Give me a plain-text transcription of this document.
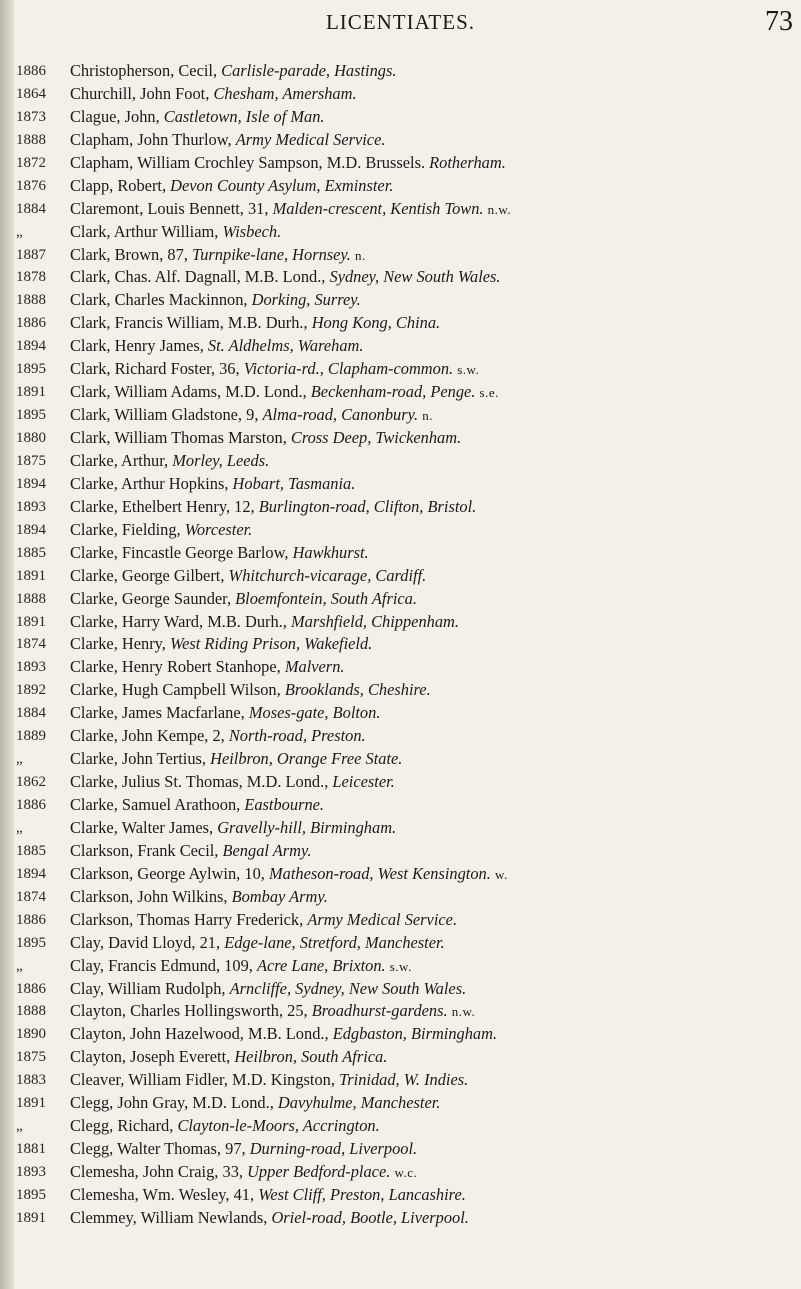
LICENTIATES.	73
1886
1864
1873
1888
1872
1876
1884
„
1887
1878
1888
1886
1894
1895
1891
1895
1880
1875
1894
1893
1894
1885
1891
1888
1891
1874
1893
1892
1884
1889
„
1862
1886
„
1885
1894
1874
1886
1895
„
1886
1888
1890
1875
1883
1891
„
1881
1893
1895
1891
Christopherson, Cecil, Carlisle-parade, Hastings.
Churchill, John Foot, Chesham, Amersham.
Clague, John, Castletown, Isle of Man.
Clapham, John Thurlow, Army Medical Service.
Clapham, William Crochley Sampson, M.D. Brussels. Rotherham.
Clapp, Robert, Devon County Asylum, Exminster.
Claremont, Louis Bennett, 31, Malden-crescent, Kentish Town. n.w.
Clark, Arthur William, Wisbech.
Clark, Brown, 87, Turnpike-lane, Hornsey. n.
Clark, Chas. Alf. Dagnall, M.B. Lond., Sydney, New South Wales.
Clark, Charles Mackinnon, Dorking, Surrey.
Clark, Francis William, M.B. Durh., Hong Kong, China.
Clark, Henry James, St. Aldhelms, Wareham.
Clark, Richard Foster, 36, Victoria-rd., Clapham-common. s.w.
Clark, William Adams, M.D. Lond., Beckenham-road, Penge. s.e.
Clark, William Gladstone, 9, Alma-road, Canonbury. n.
Clark, William Thomas Marston, Cross Deep, Twickenham.
Clarke, Arthur, Morley, Leeds.
Clarke, Arthur Hopkins, Hobart, Tasmania.
Clarke, Ethelbert Henry, 12, Burlington-road, Clifton, Bristol.
Clarke, Fielding, Worcester.
Clarke, Fincastle George Barlow, Hawkhurst.
Clarke, George Gilbert, Whitchurch-vicarage, Cardiff.
Clarke, George Saunder, Bloemfontein, South Africa.
Clarke, Harry Ward, M.B. Durh., Marshfield, Chippenham.
Clarke, Henry, West Riding Prison, Wakefield.
Clarke, Henry Robert Stanhope, Malvern.
Clarke, Hugh Campbell Wilson, Brooklands, Cheshire.
Clarke, James Macfarlane, Moses-gate, Bolton.
Clarke, John Kempe, 2, North-road, Preston.
Clarke, John Tertius, Heilbron, Orange Free State.
Clarke, Julius St. Thomas, M.D. Lond., Leicester.
Clarke, Samuel Arathoon, Eastbourne.
Clarke, Walter James, Gravelly-hill, Birmingham.
Clarkson, Frank Cecil, Bengal Army.
Clarkson, George Aylwin, 10, Matheson-road, West Kensington. w.
Clarkson, John Wilkins, Bombay Army.
Clarkson, Thomas Harry Frederick, Army Medical Service.
Clay, David Lloyd, 21, Edge-lane, Stretford, Manchester.
Clay, Francis Edmund, 109, Acre Lane, Brixton. s.w.
Clay, William Rudolph, Arncliffe, Sydney, New South Wales.
Clayton, Charles Hollingsworth, 25, Broadhurst-gardens. n.w.
Clayton, John Hazelwood, M.B. Lond., Edgbaston, Birmingham.
Clayton, Joseph Everett, Heilbron, South Africa.
Cleaver, William Fidler, M.D. Kingston, Trinidad, W. Indies.
Clegg, John Gray, M.D. Lond., Davyhulme, Manchester.
Clegg, Richard, Clayton-le-Moors, Accrington.
Clegg, Walter Thomas, 97, Durning-road, Liverpool.
Clemesha, John Craig, 33, Upper Bedford-place. w.c.
Clemesha, Wm. Wesley, 41, West Cliff, Preston, Lancashire.
Clemmey, William Newlands, Oriel-road, Bootle, Liverpool.
